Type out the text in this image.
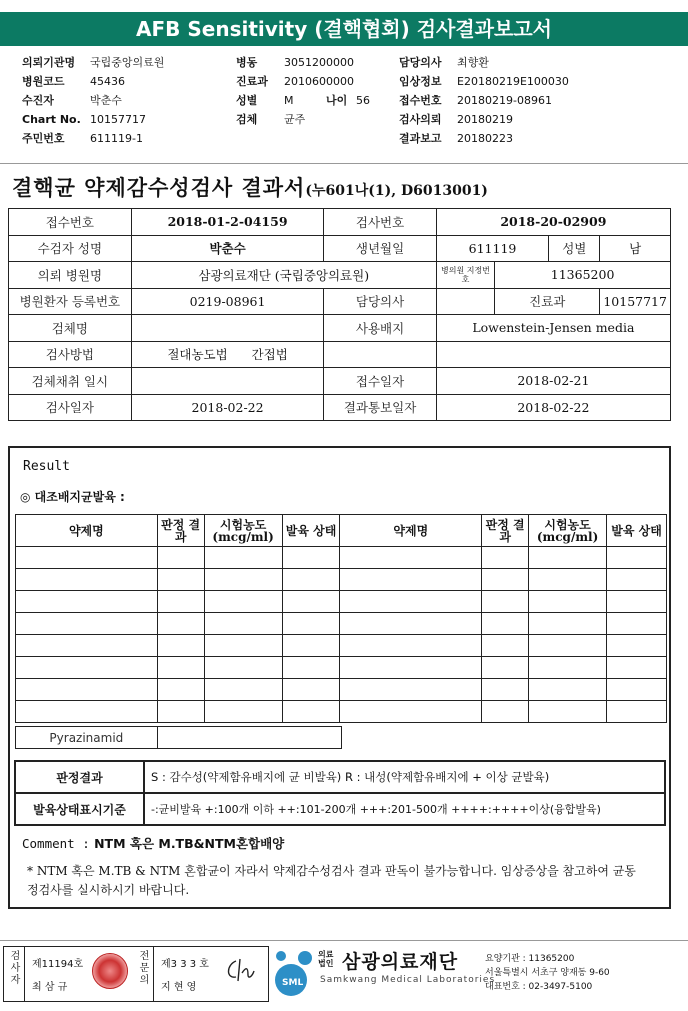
AFB Sensitivity (결핵협회) 검사결과보고서
의뢰기관명 국립중앙의료원
병원코드 45436
수진자	박춘수
Chart No. 10157717
주민번호 611119-1
병동 3051200000
진료과 2010600000
성별 M	나이 56
검체 균주
담당의사 최향환
임상정보 E20180219E100030
접수번호 20180219-08961
검사의뢰 20180219
결과보고 20180223
결핵균 약제감수성검사 결과서(누601나(1), D6013001)
접수번호	2018-01-2-04159	검사번호	2018-20-02909			
수검자 성명	박춘수	생년월일	611119		성별	남
의뢰 병원명	삼광의료재단 (국립중앙의료원)		병의원 지정번호	11365200		
병원환자 등록번호	0219-08961	담당의사		진료과		10157717
검체명		사용배지	Lowenstein-Jensen media			
검사방법	절대농도법 간접법					
검체채취 일시		접수일자	2018-02-21			
검사일자	2018-02-22	결과통보일자	2018-02-22			
Result
◎ 대조배지균발육 :
약제명	판정 결과	시험농도 (mcg/ml)	발육 상태	약제명	판정 결과	시험농도 (mcg/ml)	발육 상태

Pyrazinamid	
판정결과	S : 감수성(약제함유배지에 균 비발육) R : 내성(약제함유배지에 + 이상 균발육)
발육상태표시기준	-:균비발육 +:100개 이하 ++:101-200개 +++:201-500개 ++++:++++이상(융합발육)
Comment : NTM 혹은 M.TB&NTM혼합배양
* NTM 혹은 M.TB & NTM 혼합균이 자라서 약제감수성검사 결과 판독이 불가능합니다. 임상증상을 참고하여 균동정검사를 실시하시기 바랍니다.
검사자 제11194호
최 삼 규
전문의 제3 3 3 호
지 현 영	SML
의료 법인 삼광의료재단
Samkwang Medical Laboratories
요양기관 : 11365200
서울특별시 서초구 양재동 9-60
대표번호 : 02-3497-5100
